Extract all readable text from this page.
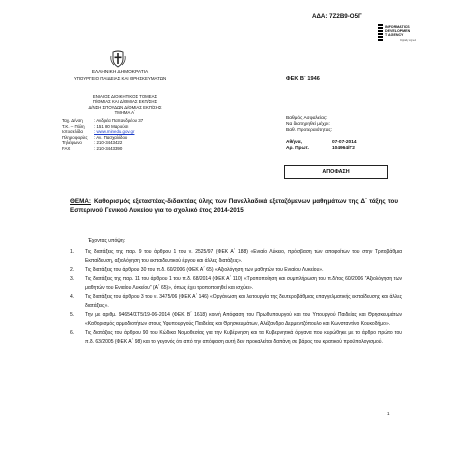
ΑΔΑ: 7Ζ2Β9-Ο5Γ
INFORMATICS
DEVELOPMEN
T AGENCY
Digitally signed
ΕΛΛΗΝΙΚΗ ΔΗΜΟΚΡΑΤΙΑ
ΥΠΟΥΡΓΕΙΟ ΠΑΙΔΕΙΑΣ ΚΑΙ ΘΡΗΣΚΕΥΜΑΤΩΝ
ΕΝΙΑΙΟΣ ΔΙΟΙΚΗΤΙΚΟΣ ΤΟΜΕΑΣ
Π/ΘΜΙΑΣ ΚΑΙ Δ/ΘΜΙΑΣ ΕΚΠ/ΣΗΣ
Δ/ΝΣΗ ΣΠΟΥΔΩΝ Δ/ΘΜΙΑΣ ΕΚΠ/ΣΗΣ
ΤΜΗΜΑ Α΄
ΦΕΚ Β΄ 1946
Ταχ. Δ/νση	: Ανδρέα Παπανδρέου 37
Τ.Κ. – Πόλη	: 151 80 Μαρούσι
Ιστοσελίδα	: www.minedu.gov.gr
Πληροφορίες	: Αν. Πασχαλίδου
Τηλέφωνο	: 210-3443422
FAX	: 210-3443390
Βαθμός Ασφαλείας:
Να διατηρηθεί μέχρι:
Βαθ. Προτεραιότητας:
Αθήνα,	07-07-2014
Αρ. Πρωτ.	104964/Γ2
ΑΠΟΦΑΣΗ
ΘΕΜΑ: Καθορισμός εξεταστέας-διδακτέας ύλης των Πανελλαδικά εξεταζόμενων μαθημάτων της Δ΄ τάξης του Εσπερινού Γενικού Λυκείου για το σχολικό έτος 2014-2015
Έχοντας υπόψη:
1.	Τις διατάξεις της παρ. 9 του άρθρου 1 του ν. 2525/97 (ΦΕΚ Α΄ 188) «Ενιαίο Λύκειο, πρόσβαση των αποφοίτων του στην Τριτοβάθμια Εκπαίδευση, αξιολόγηση του εκπαιδευτικού έργου και άλλες διατάξεις».
2.	Τις διατάξεις του άρθρου 30 του π.δ. 60/2006 (ΦΕΚ Α΄ 65) «Αξιολόγηση των μαθητών του Ενιαίου Λυκείου».
3.	Τις διατάξεις της παρ. 11 του άρθρου 1 του π.δ. 68/2014 (ΦΕΚ Α΄ 110) «Τροποποίηση και συμπλήρωση του π.δ/τος 60/2006 “Αξιολόγηση των μαθητών του Ενιαίου Λυκείου” (Α΄ 65)», όπως έχει τροποποιηθεί και ισχύει».
4.	Τις διατάξεις του άρθρου 3 του ν. 3475/06 (ΦΕΚ Α΄ 146) «Οργάνωση και λειτουργία της δευτεροβάθμιας επαγγελματικής εκπαίδευσης και άλλες διατάξεις».
5.	Την με αριθμ. 94654/ΣΤ5/19-06-2014 (ΦΕΚ Β΄ 1618) κοινή Απόφαση του Πρωθυπουργού και του Υπουργού Παιδείας και Θρησκευμάτων «Καθορισμός αρμοδιοτήτων στους Υφυπουργούς Παιδείας και Θρησκευμάτων, Αλέξανδρο Δερμεντζόπουλο και Κωνσταντίνο Κουκοδήμο».
6.	Τις διατάξεις του άρθρου 90 του Κώδικα Νομοθεσίας για την Κυβέρνηση και τα Κυβερνητικά όργανα που κυρώθηκε με το άρθρο πρώτο του π.δ. 63/2005 (ΦΕΚ Α΄ 98) και το γεγονός ότι από την απόφαση αυτή δεν προκαλείται δαπάνη σε βάρος του κρατικού προϋπολογισμού.
1
